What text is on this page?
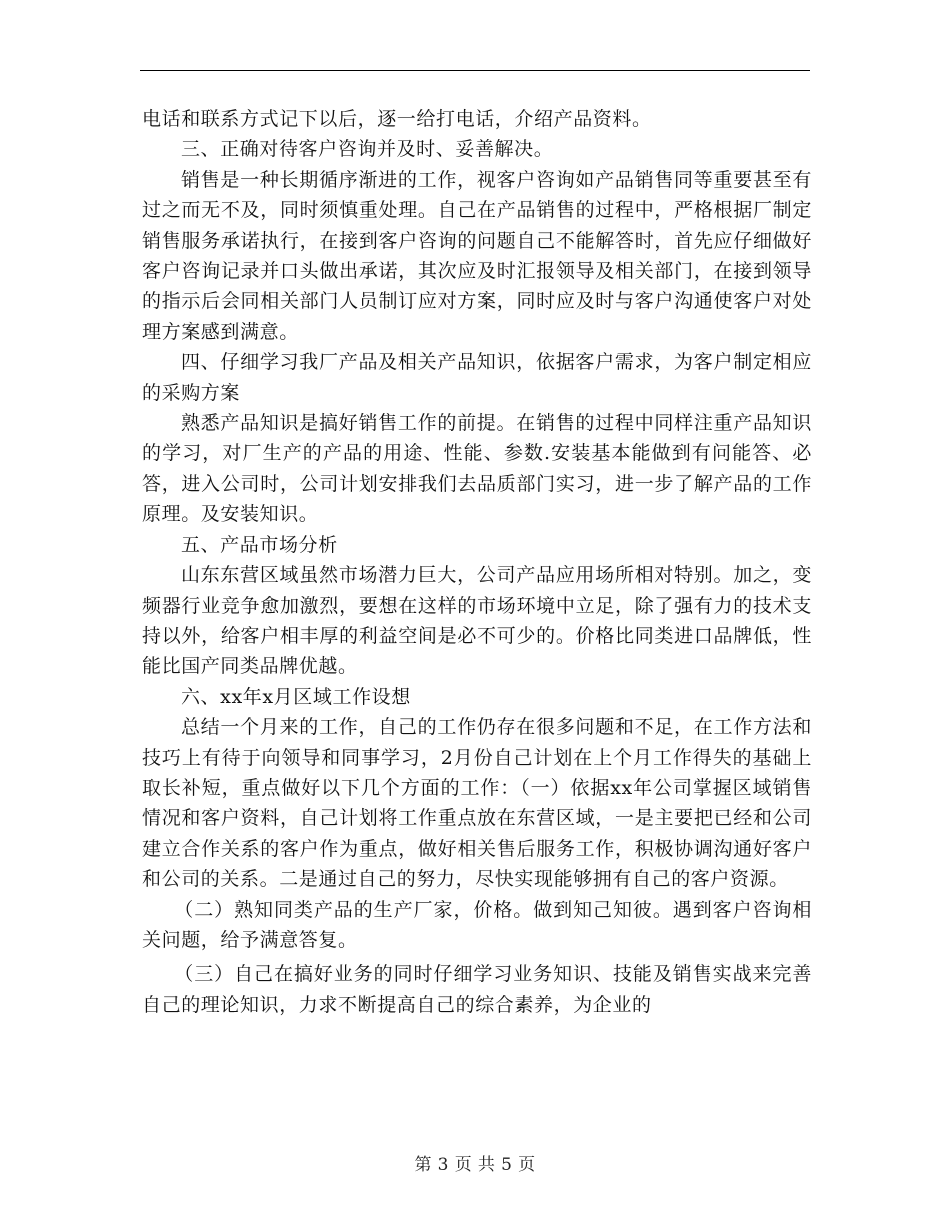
电话和联系方式记下以后，逐一给打电话，介绍产品资料。

三、正确对待客户咨询并及时、妥善解决。

销售是一种长期循序渐进的工作，视客户咨询如产品销售同等重要甚至有过之而无不及，同时须慎重处理。自己在产品销售的过程中，严格根据厂制定销售服务承诺执行，在接到客户咨询的问题自己不能解答时，首先应仔细做好客户咨询记录并口头做出承诺，其次应及时汇报领导及相关部门，在接到领导的指示后会同相关部门人员制订应对方案，同时应及时与客户沟通使客户对处理方案感到满意。

四、仔细学习我厂产品及相关产品知识，依据客户需求，为客户制定相应的采购方案

熟悉产品知识是搞好销售工作的前提。在销售的过程中同样注重产品知识的学习，对厂生产的产品的用途、性能、参数.安装基本能做到有问能答、必答，进入公司时，公司计划安排我们去品质部门实习，进一步了解产品的工作原理。及安装知识。

五、产品市场分析

山东东营区域虽然市场潜力巨大，公司产品应用场所相对特别。加之，变频器行业竞争愈加激烈，要想在这样的市场环境中立足，除了强有力的技术支持以外，给客户相丰厚的利益空间是必不可少的。价格比同类进口品牌低，性能比国产同类品牌优越。

六、xx年x月区域工作设想

总结一个月来的工作，自己的工作仍存在很多问题和不足，在工作方法和技巧上有待于向领导和同事学习，2月份自己计划在上个月工作得失的基础上取长补短，重点做好以下几个方面的工作：（一）依据xx年公司掌握区域销售情况和客户资料，自己计划将工作重点放在东营区域，一是主要把已经和公司建立合作关系的客户作为重点，做好相关售后服务工作，积极协调沟通好客户和公司的关系。二是通过自己的努力，尽快实现能够拥有自己的客户资源。

（二）熟知同类产品的生产厂家，价格。做到知己知彼。遇到客户咨询相关问题，给予满意答复。

（三）自己在搞好业务的同时仔细学习业务知识、技能及销售实战来完善自己的理论知识，力求不断提高自己的综合素养，为企业的

第 3 页 共 5 页
